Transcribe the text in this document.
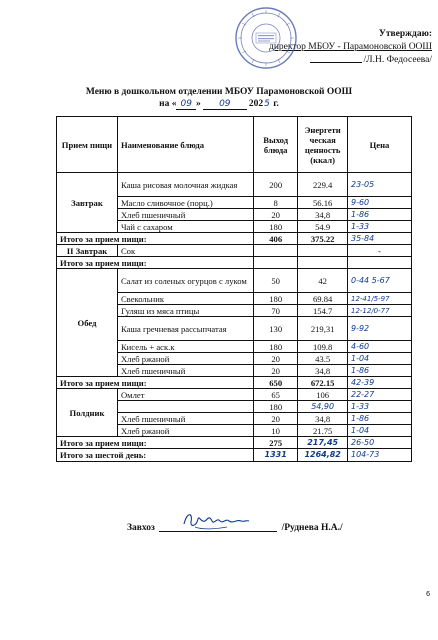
Утверждаю:
директор МБОУ - Парамоновской ООШ
/Л.Н. Федосеева/
Меню в дошкольном отделении МБОУ Парамоновской ООШ
на « 09 » 09 2025 г.
Прием пищи	Наименование блюда	Выход блюда	Энергети ческая ценность (ккал)	Цена
Завтрак	Каша рисовая молочная жидкая	200	229.4	23-05
	Масло сливочное (порц.)	8	56.16	9-60
	Хлеб пшеничный	20	34,8	1-86
	Чай с сахаром	180	54.9	1-33
Итого за прием пищи:		406	375.22	35-84
II Завтрак	Сок			-
Итого за прием пищи:				
Обед	Салат из соленых огурцов с луком	50	42	0-44 5-67
	Свекольник	180	69.84	12-41/5-97
	Гуляш из мяса птицы	70	154.7	12-12/0-77
	Каша гречневая рассыпчатая	130	219,31	9-92
	Кисель + аск.к	180	109.8	4-60
	Хлеб ржаной	20	43.5	1-04
	Хлеб пшеничный	20	34,8	1-86
Итого за прием пищи:		650	672.15	42-39
Полдник	Омлет	65	106	22-27
		180	54,90	1-33
	Хлеб пшеничный	20	34,8	1-86
	Хлеб ржаной	10	21.75	1-04
Итого за прием пищи:		275	217,45	26-50
Итого за шестой день:		1331	1264,82	104-73
Завхоз	/Руднева Н.А./
6
